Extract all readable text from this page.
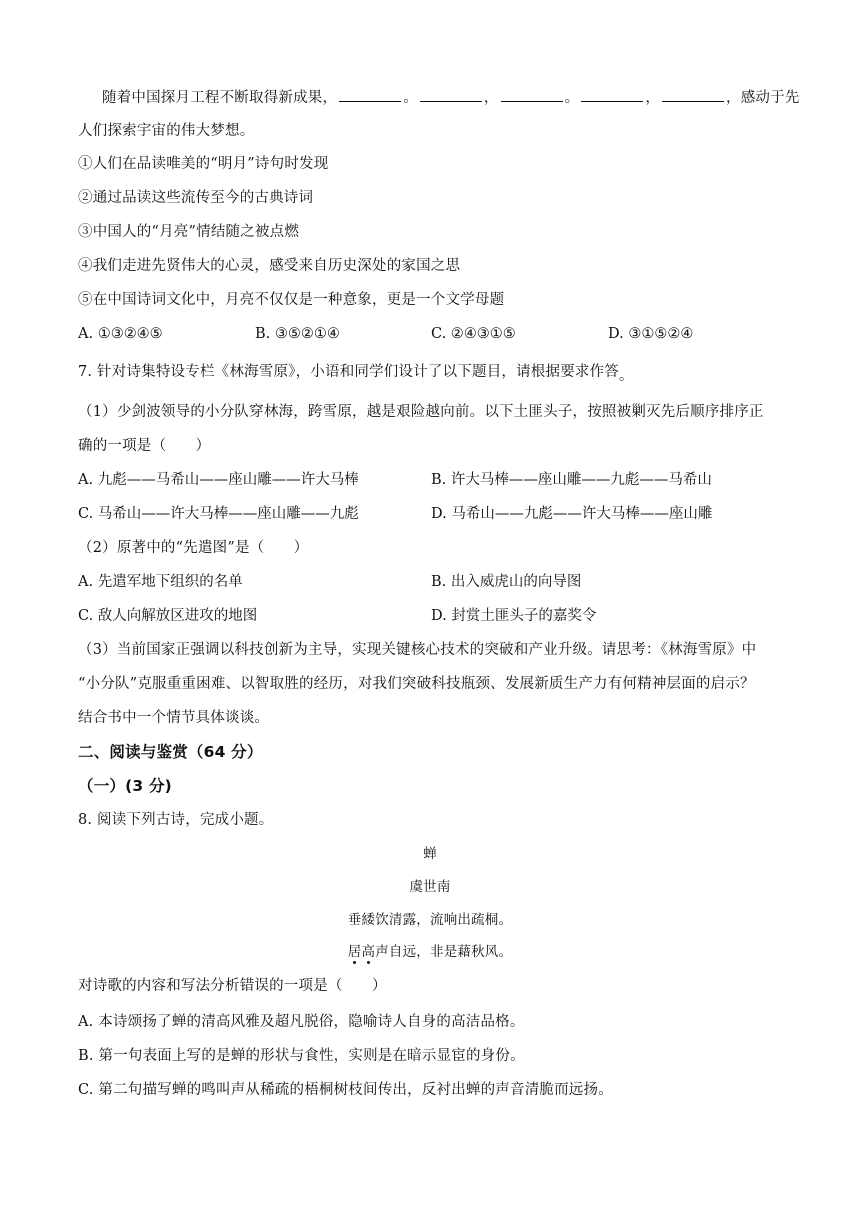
随着中国探月工程不断取得新成果，	。	，	。	，	，感动于先
人们探索宇宙的伟大梦想。
①人们在品读唯美的“明月”诗句时发现
②通过品读这些流传至今的古典诗词
③中国人的“月亮”情结随之被点燃
④我们走进先贤伟大的心灵，感受来自历史深处的家国之思
⑤在中国诗词文化中，月亮不仅仅是一种意象，更是一个文学母题
A. ①③②④⑤	B. ③⑤②①④	C. ②④③①⑤	D. ③①⑤②④
7. 针对诗集特设专栏《林海雪原》，小语和同学们设计了以下题目，请根据要求作答。
（1）少剑波领导的小分队穿林海，跨雪原，越是艰险越向前。以下土匪头子，按照被剿灭先后顺序排序正
确的一项是（　　）
A. 九彪——马希山——座山雕——许大马棒	B. 许大马棒——座山雕——九彪——马希山
C. 马希山——许大马棒——座山雕——九彪	D. 马希山——九彪——许大马棒——座山雕
（2）原著中的“先遣图”是（　　）
A. 先遣军地下组织的名单	B. 出入威虎山的向导图
C. 敌人向解放区进攻的地图	D. 封赏土匪头子的嘉奖令
（3）当前国家正强调以科技创新为主导，实现关键核心技术的突破和产业升级。请思考：《林海雪原》中
“小分队”克服重重困难、以智取胜的经历，对我们突破科技瓶颈、发展新质生产力有何精神层面的启示？
结合书中一个情节具体谈谈。
二、阅读与鉴赏（64 分）
（一）(3 分)
8. 阅读下列古诗，完成小题。
蝉
虞世南
垂緌饮清露，流响出疏桐。
居高声自远，非是藉秋风。
对诗歌的内容和写法分析错误的一项是（　　）
A. 本诗颂扬了蝉的清高风雅及超凡脱俗，隐喻诗人自身的高洁品格。
B. 第一句表面上写的是蝉的形状与食性，实则是在暗示显宦的身份。
C. 第二句描写蝉的鸣叫声从稀疏的梧桐树枝间传出，反衬出蝉的声音清脆而远扬。
